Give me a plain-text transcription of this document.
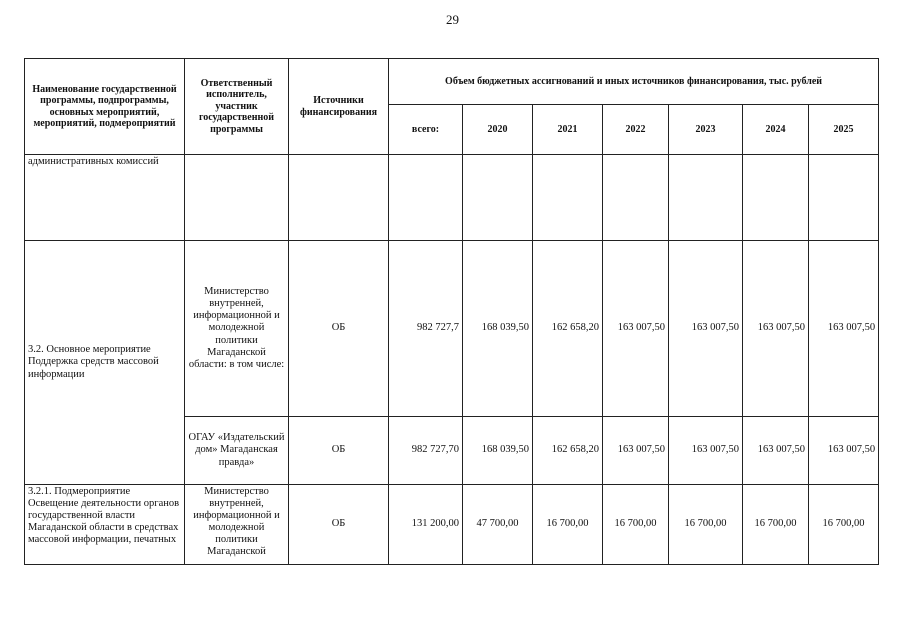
29
Наименование государственной программы, подпрограммы, основных мероприятий, мероприятий, подмероприятий	Ответственный исполнитель, участник государственной программы	Источники финансирования	Объем бюджетных ассигнований и иных источников финансирования, тыс. рублей						
			всего:	2020	2021	2022	2023	2024	2025
административных комиссий									
3.2. Основное мероприятие Поддержка средств массовой информации	Министерство внутренней, информационной и молодежной политики Магаданской области: в том числе:	ОБ	982 727,7	168 039,50	162 658,20	163 007,50	163 007,50	163 007,50	163 007,50
	ОГАУ «Издательский дом» Магаданская правда»	ОБ	982 727,70	168 039,50	162 658,20	163 007,50	163 007,50	163 007,50	163 007,50
3.2.1. Подмероприятие Освещение деятельности органов государственной власти Магаданской области в средствах массовой информации, печатных	Министерство внутренней, информационной и молодежной политики Магаданской	ОБ	131 200,00	47 700,00	16 700,00	16 700,00	16 700,00	16 700,00	16 700,00
